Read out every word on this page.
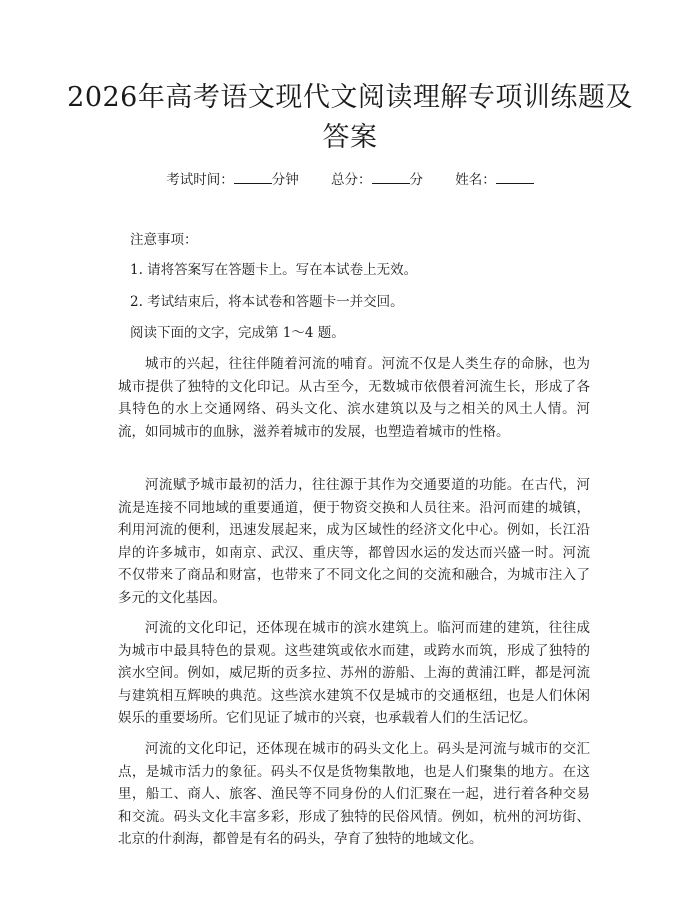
2026年高考语文现代文阅读理解专项训练题及答案
考试时间：	分钟 总分：	分 姓名：

注意事项：

1. 请将答案写在答题卡上。写在本试卷上无效。

2. 考试结束后，将本试卷和答题卡一并交回。

阅读下面的文字，完成第 1～4 题。

城市的兴起，往往伴随着河流的哺育。河流不仅是人类生存的命脉，也为城市提供了独特的文化印记。从古至今，无数城市依偎着河流生长，形成了各具特色的水上交通网络、码头文化、滨水建筑以及与之相关的风土人情。河流，如同城市的血脉，滋养着城市的发展，也塑造着城市的性格。

河流赋予城市最初的活力，往往源于其作为交通要道的功能。在古代，河流是连接不同地域的重要通道，便于物资交换和人员往来。沿河而建的城镇，利用河流的便利，迅速发展起来，成为区域性的经济文化中心。例如，长江沿岸的许多城市，如南京、武汉、重庆等，都曾因水运的发达而兴盛一时。河流不仅带来了商品和财富，也带来了不同文化之间的交流和融合，为城市注入了多元的文化基因。

河流的文化印记，还体现在城市的滨水建筑上。临河而建的建筑，往往成为城市中最具特色的景观。这些建筑或依水而建，或跨水而筑，形成了独特的滨水空间。例如，威尼斯的贡多拉、苏州的游船、上海的黄浦江畔，都是河流与建筑相互辉映的典范。这些滨水建筑不仅是城市的交通枢纽，也是人们休闲娱乐的重要场所。它们见证了城市的兴衰，也承载着人们的生活记忆。

河流的文化印记，还体现在城市的码头文化上。码头是河流与城市的交汇点，是城市活力的象征。码头不仅是货物集散地，也是人们聚集的地方。在这里，船工、商人、旅客、渔民等不同身份的人们汇聚在一起，进行着各种交易和交流。码头文化丰富多彩，形成了独特的民俗风情。例如，杭州的河坊街、北京的什刹海，都曾是有名的码头，孕育了独特的地域文化。
